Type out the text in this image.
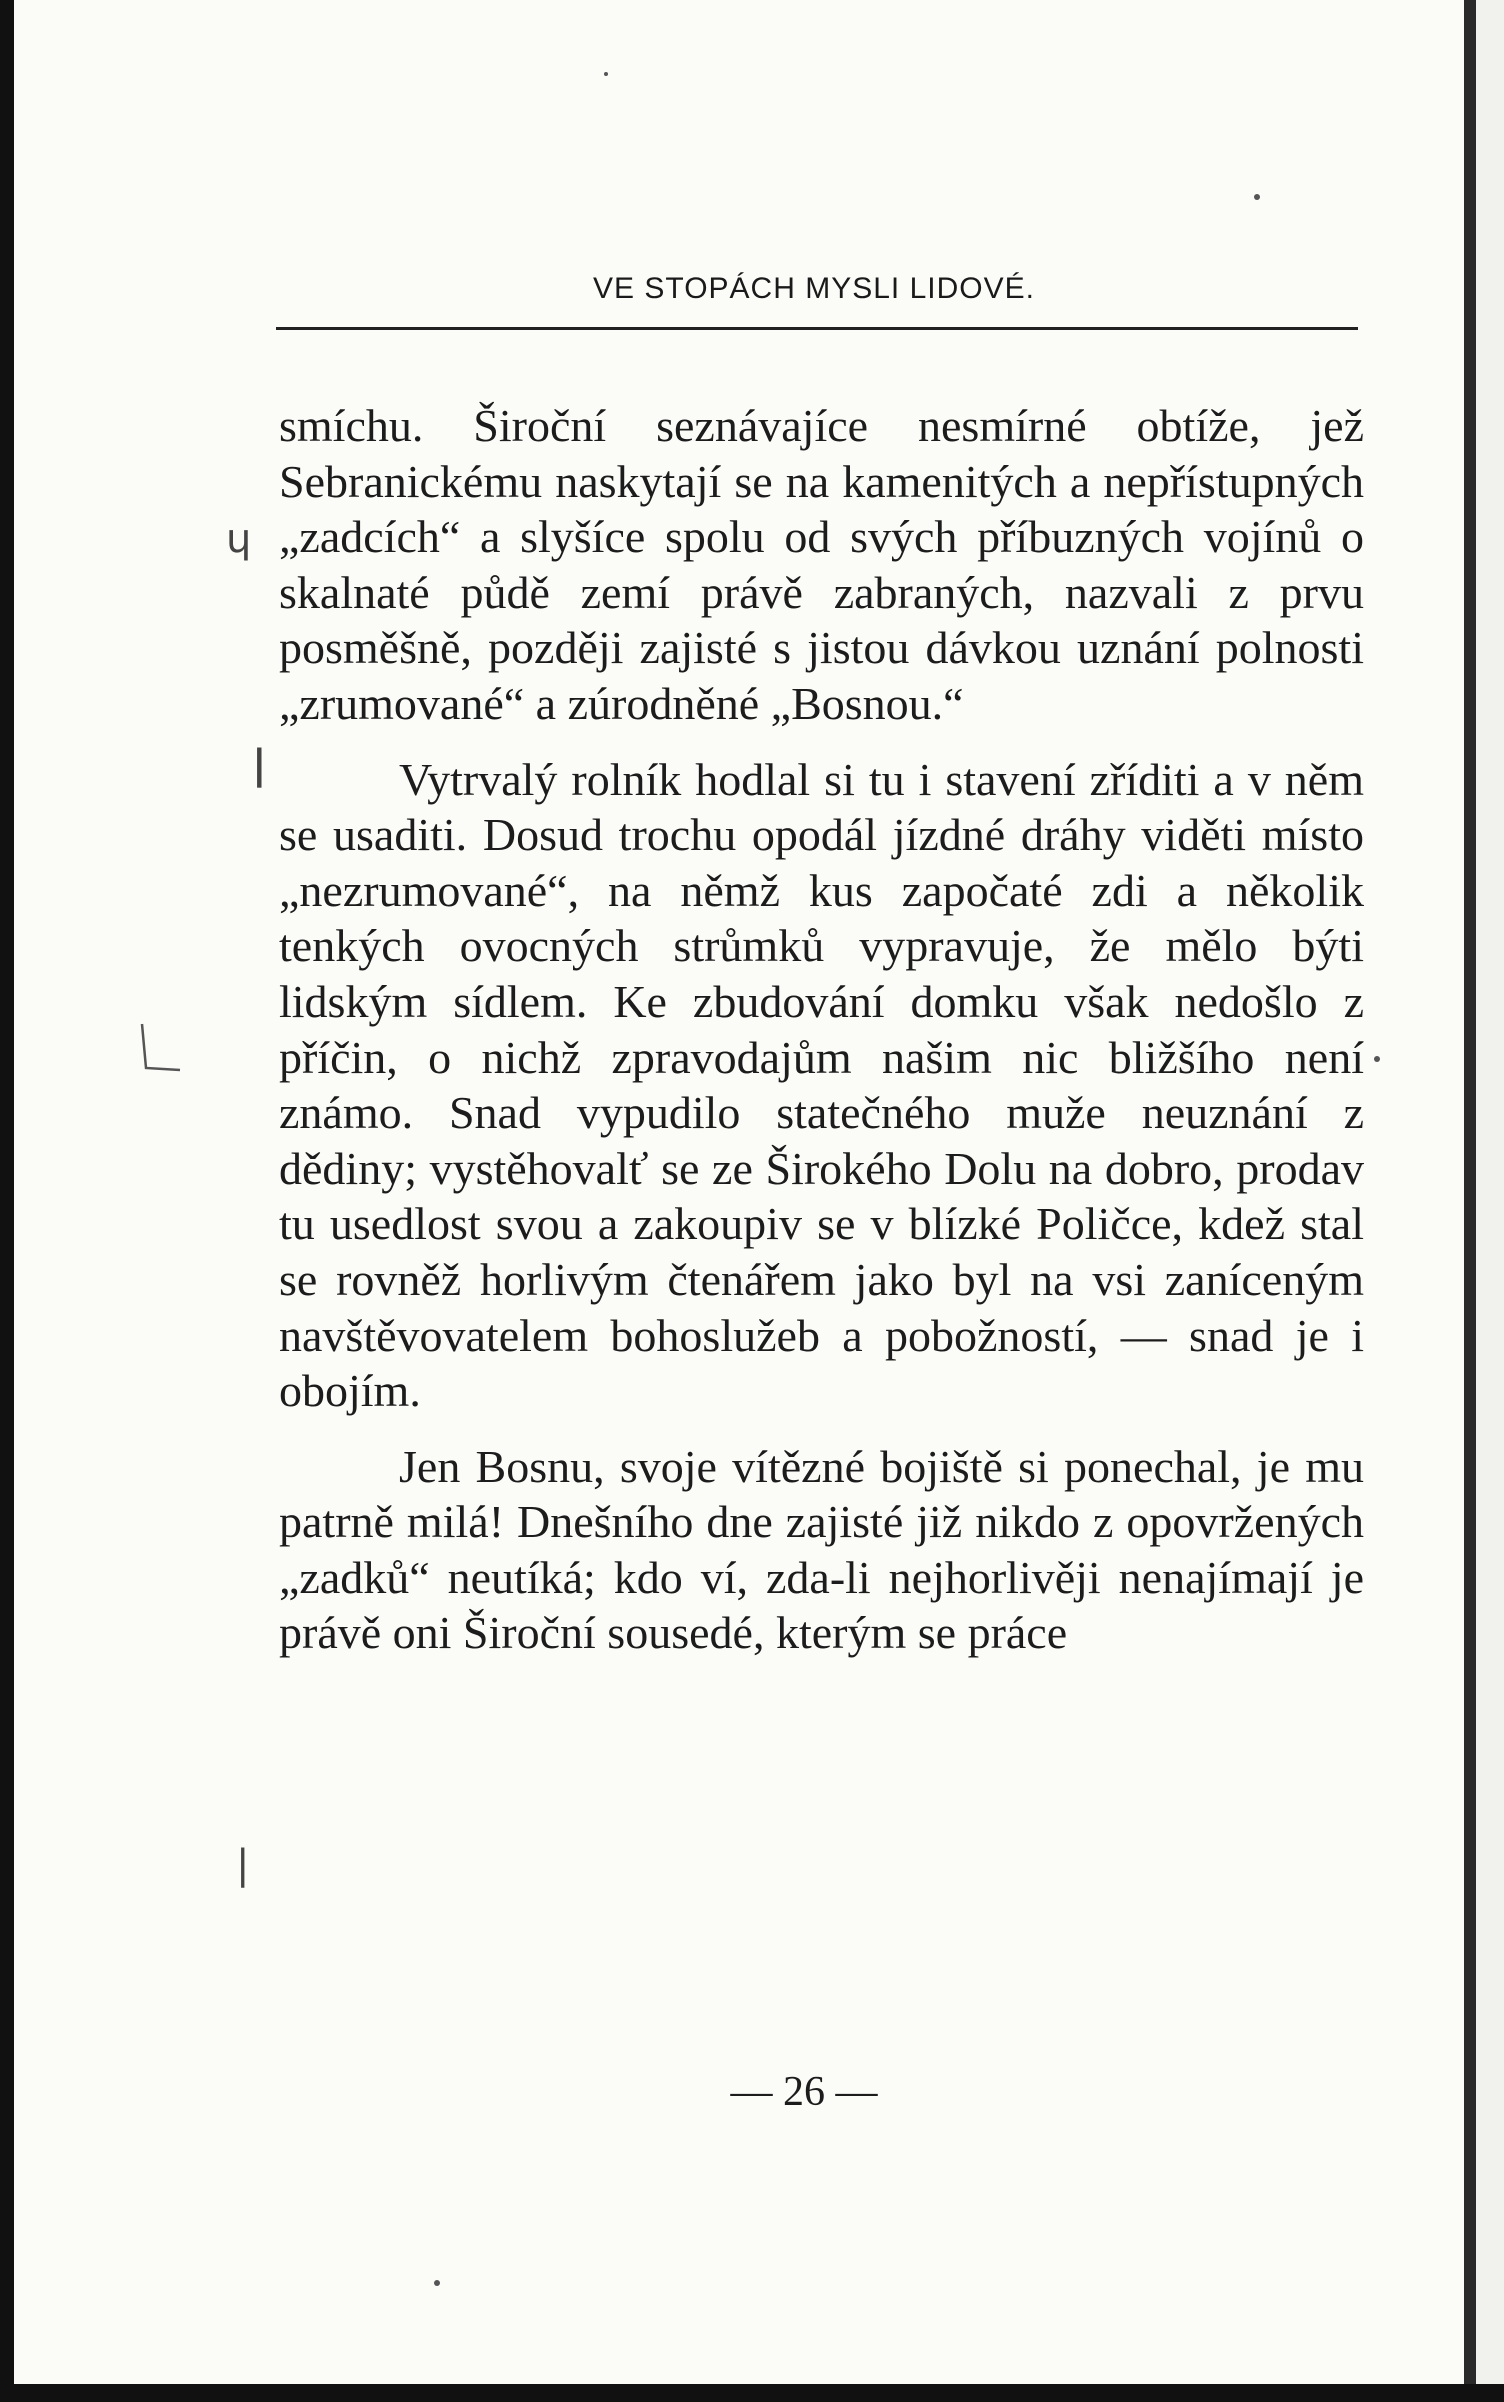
VE STOPÁCH MYSLI LIDOVÉ.

smíchu. Široční seznávajíce nesmírné obtíže, jež Sebranickému naskytají se na kamenitých a nepřístupných „zadcích“ a slyšíce spolu od svých příbuzných vojínů o skalnaté půdě zemí právě zabraných, nazvali z prvu posměšně, později zajisté s jistou dávkou uznání polnosti „zrumované“ a zúrodněné „Bosnou.“

Vytrvalý rolník hodlal si tu i stavení zříditi a v něm se usaditi. Dosud trochu opodál jízdné dráhy viděti místo „nezrumované“, na němž kus započaté zdi a několik tenkých ovocných strůmků vypravuje, že mělo býti lidským sídlem. Ke zbudování domku však nedošlo z příčin, o nichž zpravodajům našim nic bližšího není známo. Snad vypudilo statečného muže neuznání z dědiny; vystěhovalť se ze Širokého Dolu na dobro, prodav tu usedlost svou a zakoupiv se v blízké Poličce, kdež stal se rovněž horlivým čtenářem jako byl na vsi zaníceným navštěvovatelem bohoslužeb a pobožností, — snad je i obojím.

Jen Bosnu, svoje vítězné bojiště si ponechal, je mu patrně milá! Dnešního dne zajisté již nikdo z opovržených „zadků“ neutíká; kdo ví, zda-li nejhorlivěji nenajímají je právě oni Široční sousedé, kterým se práce

— 26 —
ɥ
|
|
